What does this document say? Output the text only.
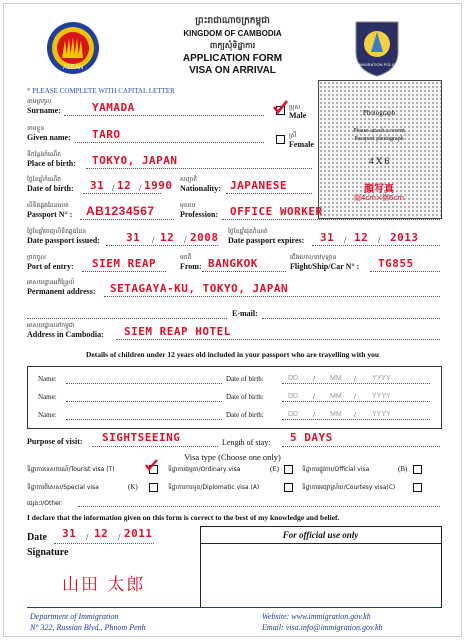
ASEAN
IMMIGRATION POLICE
ព្រះរាជាណាចក្រកម្ពុជា
KINGDOM OF CAMBODIA
ពាក្យសុំទិដ្ឋាការ
APPLICATION FORM
VISA ON ARRIVAL
* PLEASE COMPLETE WITH CAPITAL LETTER
Photograph
Please attach a recent
Passport photograph
4 X 6
顔写真
縦4cm×横6cm
នាមត្រកូល
Surname:	YAMADA	ប្រុស
Male
ស្រី
Female
នាមខ្លួន
Given name: TARO
ទីកន្លែងកំណើត
Place of birth: TOKYO, JAPAN
ថ្ងៃខែឆ្នាំកំណើត
Date of birth: 31 / 12 / 1990 សញ្ជាតិ
Nationality: JAPANESE
លិខិតឆ្លងដែនលេខ
Passport N° : AB1234567	មុខរបរ
Profession: OFFICE WORKER
ថ្ងៃខែឆ្នាំចេញលិខិតឆ្លងដែន
Date passport issued: 31 / 12 / 2008 ថ្ងៃខែឆ្នាំផុតកំណត់
Date passport expires: 31 / 12 / 2013
ច្រកចូល
Port of entry: SIEM REAP	មកពី
From: BANGKOK	ជើងហោះ/នាវា/ឡាន
Flight/Ship/Car N° : TG855
អាសយដ្ឋានអចិន្ត្រៃយ៍
Permanent address: SETAGAYA-KU, TOKYO, JAPAN
E-mail:
អាសយដ្ឋាននៅកម្ពុជា
Address in Cambodia: SIEM REAP HOTEL
Details of children under 12 years old included in your passport who are travelling with you
Name:	Date of birth:	DD / MM / YYYY
Name:	Date of birth:	DD / MM / YYYY
Name:	Date of birth:	DD / MM / YYYY
Purpose of visit: SIGHTSEEING	Length of stay: 5 DAYS
Visa type (Choose one only)
ទិដ្ឋាការទេសចរណ៍/Tourist visa (T)	ទិដ្ឋាការធម្មតា/Ordinary visa	(E)	ទិដ្ឋាការផ្លូវការ/Official visa	(B)
ទិដ្ឋាការពិសេស/Special visa	(K)	ទិដ្ឋាការការទូត/Diplomatic visa (A)	ទិដ្ឋាការអធ្យាស្រ័យ/Courtesy visa(C)
ផ្សេងៗ/Other
I declare that the information given on this form is correct to the best of my knowledge and belief.
Date 31 / 12 / 2011
Signature
山田 太郎
For official use only
Department of Immigration
N° 322, Russian Blvd., Phnom Penh
Website: www.immigration.gov.kh
Email: visa.info@immigration.gov.kh
